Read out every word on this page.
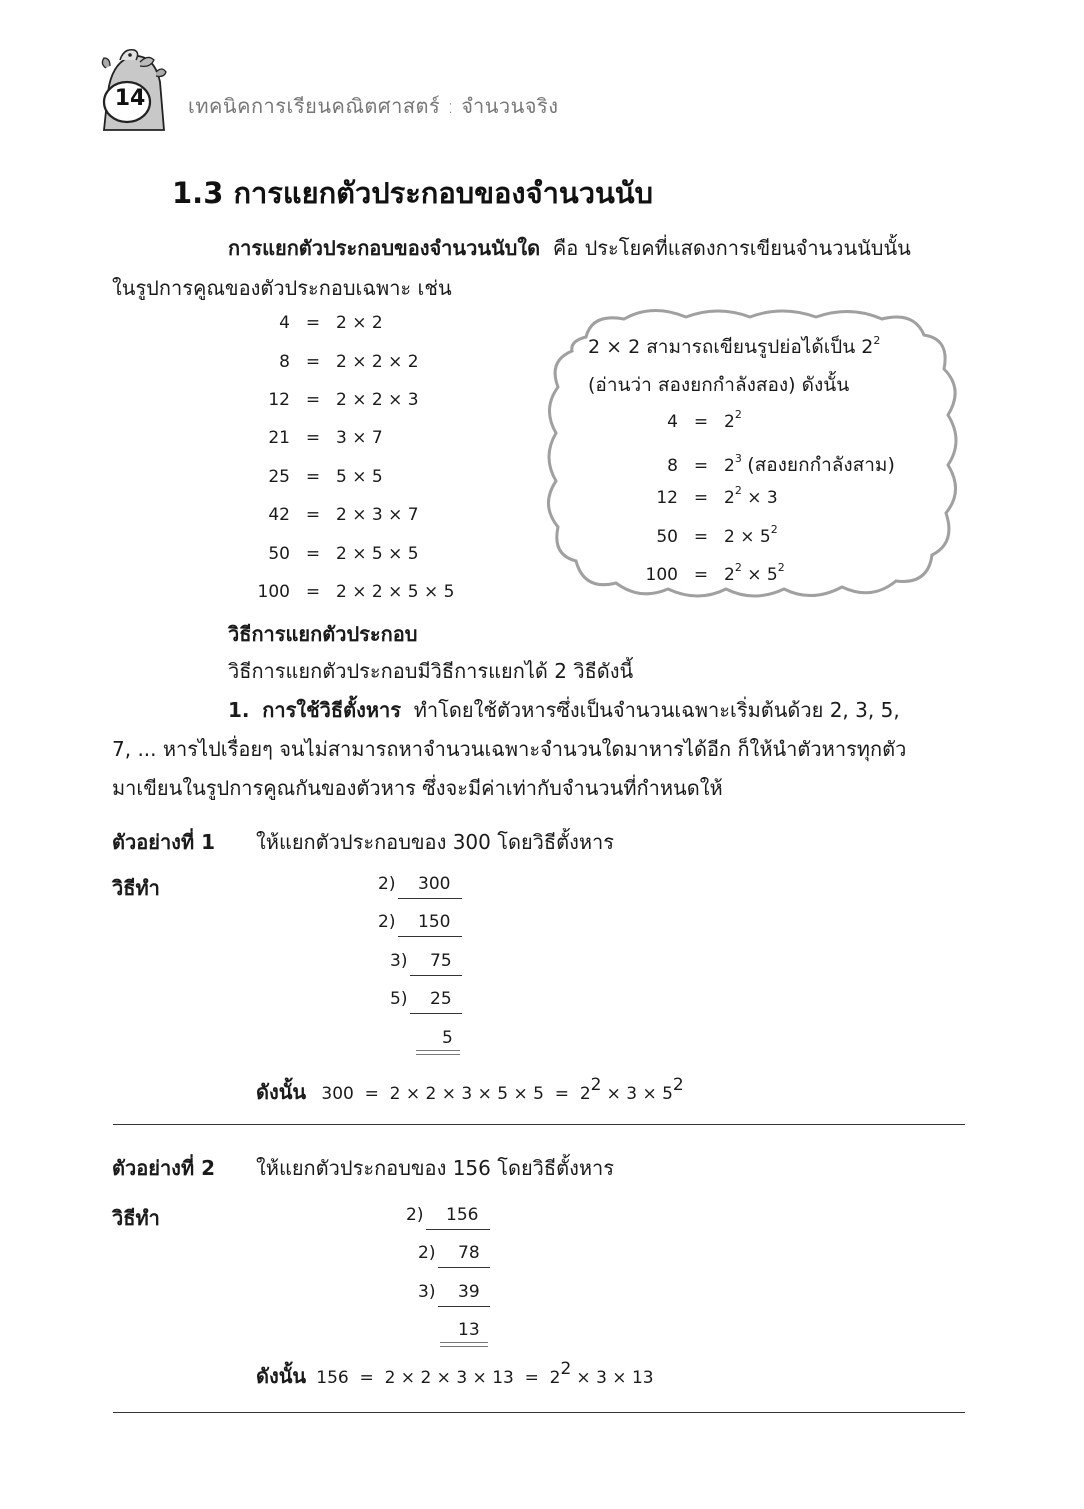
14	เทคนิคการเรียนคณิตศาสตร์ : จำนวนจริง
1.3 การแยกตัวประกอบของจำนวนนับ
การแยกตัวประกอบของจำนวนนับใด คือ ประโยคที่แสดงการเขียนจำนวนนับนั้น
ในรูปการคูณของตัวประกอบเฉพาะ เช่น
4 = 2 × 2
8 = 2 × 2 × 2
12 = 2 × 2 × 3
21 = 3 × 7
25 = 5 × 5
42 = 2 × 3 × 7
50 = 2 × 5 × 5
100 = 2 × 2 × 5 × 5
2 × 2 สามารถเขียนรูปย่อได้เป็น $2^2$
(อ่านว่า สองยกกำลังสอง) ดังนั้น
$4 = 2^2$
$8 = 2^3$ (สองยกกำลังสาม)
$12 = 2^2 \times 3$
$50 = 2 \times 5^2$
$100 = 2^2 \times 5^2$
วิธีการแยกตัวประกอบ
วิธีการแยกตัวประกอบมีวิธีการแยกได้ 2 วิธีดังนี้
1. การใช้วิธีตั้งหาร ทำโดยใช้ตัวหารซึ่งเป็นจำนวนเฉพาะเริ่มต้นด้วย 2, 3, 5,
7, ... หารไปเรื่อยๆ จนไม่สามารถหาจำนวนเฉพาะจำนวนใดมาหารได้อีก ก็ให้นำตัวหารทุกตัว
มาเขียนในรูปการคูณกันของตัวหาร ซึ่งจะมีค่าเท่ากับจำนวนที่กำหนดให้
ตัวอย่างที่ 1 ให้แยกตัวประกอบของ 300 โดยวิธีตั้งหาร
วิธีทำ	2) 300
2) 150
3) 75
5) 25
5
ดังนั้น $300 = 2 \times 2 \times 3 \times 5 \times 5 = 2^2 \times 3 \times 5^2$
ตัวอย่างที่ 2 ให้แยกตัวประกอบของ 156 โดยวิธีตั้งหาร
วิธีทำ	2) 156
2) 78
3) 39
13
ดังนั้น $156 = 2 \times 2 \times 3 \times 13 = 2^2 \times 3 \times 13$
